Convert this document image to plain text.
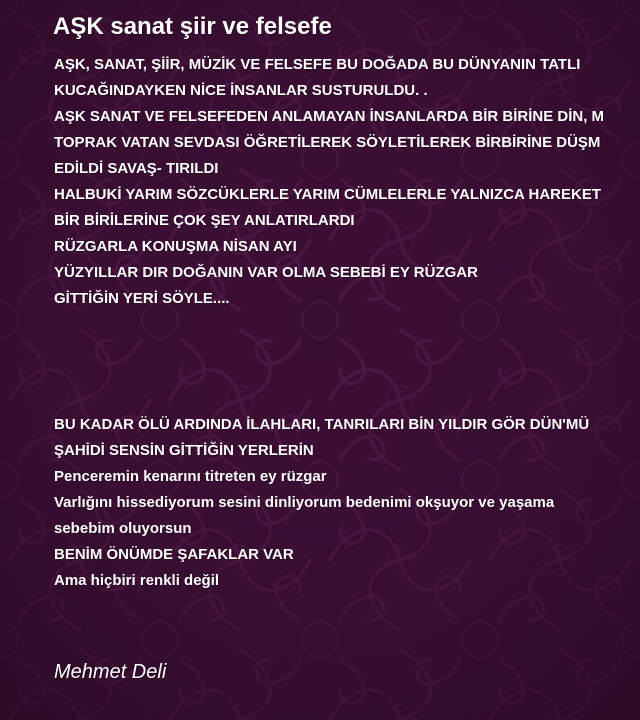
AŞK sanat şiir ve felsefe
AŞK, SANAT, ŞİİR, MÜZİK VE FELSEFE BU DOĞADA BU DÜNYANIN TATLI
KUCAĞINDAYKEN NİCE İNSANLAR SUSTURULDU. .
AŞK SANAT VE FELSEFEDEN ANLAMAYAN İNSANLARDA BİR BİRİNE DİN, M
TOPRAK VATAN SEVDASI ÖĞRETİLEREK SÖYLETİLEREK BİRBİRİNE DÜŞM
EDİLDİ SAVAŞ- TIRILDI
HALBUKİ YARIM SÖZCÜKLERLE YARIM CÜMLELERLE YALNIZCA HAREKET
BİR BİRİLERİNE ÇOK ŞEY ANLATIRLARDI
RÜZGARLA KONUŞMA NİSAN AYI
YÜZYILLAR DIR DOĞANIN VAR OLMA SEBEBİ EY RÜZGAR
GİTTİĞİN YERİ SÖYLE....
BU KADAR ÖLÜ ARDINDA İLAHLARI, TANRILARI BİN YILDIR GÖR DÜN'MÜ
ŞAHİDİ SENSİN GİTTİĞİN YERLERİN
Penceremin kenarını titreten ey rüzgar
Varlığını hissediyorum sesini dinliyorum bedenimi okşuyor ve yaşama
sebebim oluyorsun
BENİM ÖNÜMDE ŞAFAKLAR VAR
Ama hiçbiri renkli değil
Mehmet Deli
